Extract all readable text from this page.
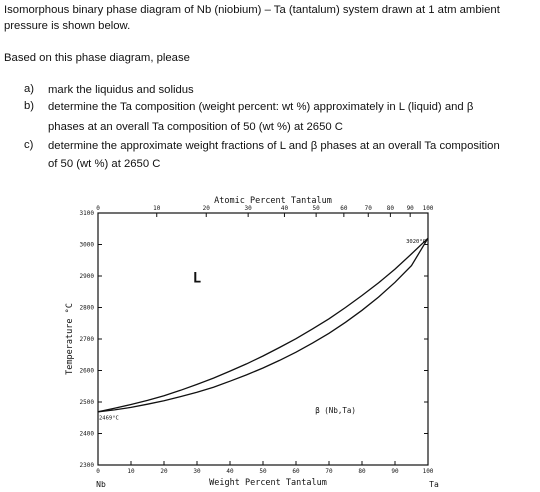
Isomorphous binary phase diagram of Nb (niobium) – Ta (tantalum) system drawn at 1 atm ambient
pressure is shown below.
Based on this phase diagram, please
a) mark the liquidus and solidus
b) determine the Ta composition (weight percent: wt %) approximately in L (liquid) and β
phases at an overall Ta composition of 50 (wt %) at 2650 C
c) determine the approximate weight fractions of L and β phases at an overall Ta composition
of 50 (wt %) at 2650 C
0	10	20	30	40	50	60	70	80	90	100
0	10	20	30	40	50	60	70 80 90 100
2300
2400
2500
2600
2700
2800
2900
3000
3100
Atomic Percent Tantalum
Weight Percent Tantalum
Temperature °C
Nb	Ta
L
β (Nb,Ta)
2469°C
3020°C
